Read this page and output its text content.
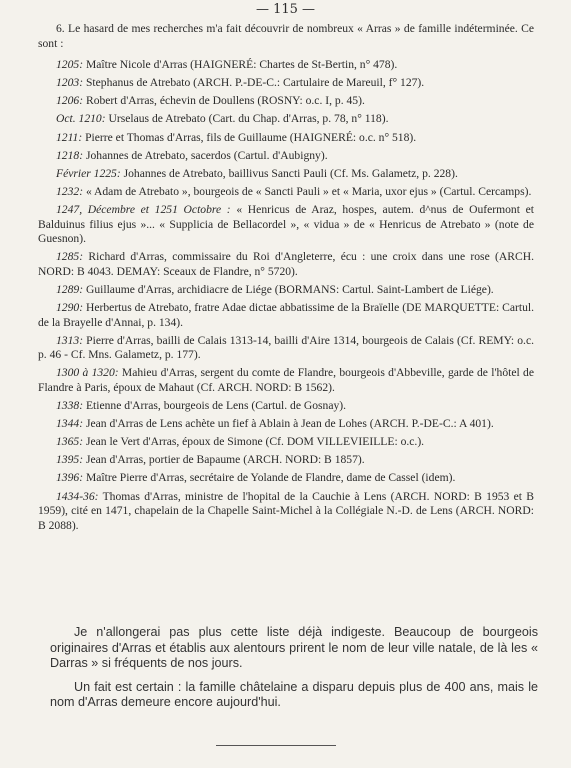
— 115 —

6. Le hasard de mes recherches m'a fait découvrir de nombreux « Arras » de famille indéterminée. Ce sont :

1205: Maître Nicole d'Arras (HAIGNERÉ: Chartes de St-Bertin, n° 478).

1203: Stephanus de Atrebato (ARCH. P.-DE-C.: Cartulaire de Mareuil, f° 127).

1206: Robert d'Arras, échevin de Doullens (ROSNY: o.c. I, p. 45).

Oct. 1210: Urselaus de Atrebato (Cart. du Chap. d'Arras, p. 78, n° 118).

1211: Pierre et Thomas d'Arras, fils de Guillaume (HAIGNERÉ: o.c. n° 518).

1218: Johannes de Atrebato, sacerdos (Cartul. d'Aubigny).

Février 1225: Johannes de Atrebato, baillivus Sancti Pauli (Cf. Ms. Galametz, p. 228).

1232: « Adam de Atrebato », bourgeois de « Sancti Pauli » et « Maria, uxor ejus » (Cartul. Cercamps).

1247, Décembre et 1251 Octobre : « Henricus de Araz, hospes, autem. d^nus de Oufermont et Balduinus filius ejus »... « Supplicia de Bellacordel », « vidua » de « Henricus de Atrebato » (note de Guesnon).

1285: Richard d'Arras, commissaire du Roi d'Angleterre, écu : une croix dans une rose (ARCH. NORD: B 4043. DEMAY: Sceaux de Flandre, n° 5720).

1289: Guillaume d'Arras, archidiacre de Liége (BORMANS: Cartul. Saint-Lambert de Liége).

1290: Herbertus de Atrebato, fratre Adae dictae abbatissime de la Braïelle (DE MARQUETTE: Cartul. de la Brayelle d'Annai, p. 134).

1313: Pierre d'Arras, bailli de Calais 1313-14, bailli d'Aire 1314, bourgeois de Calais (Cf. REMY: o.c. p. 46 - Cf. Mns. Galametz, p. 177).

1300 à 1320: Mahieu d'Arras, sergent du comte de Flandre, bourgeois d'Abbeville, garde de l'hôtel de Flandre à Paris, époux de Mahaut (Cf. ARCH. NORD: B 1562).

1338: Etienne d'Arras, bourgeois de Lens (Cartul. de Gosnay).

1344: Jean d'Arras de Lens achète un fief à Ablain à Jean de Lohes (ARCH. P.-DE-C.: A 401).

1365: Jean le Vert d'Arras, époux de Simone (Cf. DOM VILLEVIEILLE: o.c.).

1395: Jean d'Arras, portier de Bapaume (ARCH. NORD: B 1857).

1396: Maître Pierre d'Arras, secrétaire de Yolande de Flandre, dame de Cassel (idem).

1434-36: Thomas d'Arras, ministre de l'hopital de la Cauchie à Lens (ARCH. NORD: B 1953 et B 1959), cité en 1471, chapelain de la Chapelle Saint-Michel à la Collégiale N.-D. de Lens (ARCH. NORD: B 2088).

Je n'allongerai pas plus cette liste déjà indigeste. Beaucoup de bourgeois originaires d'Arras et établis aux alentours prirent le nom de leur ville natale, de là les « Darras » si fréquents de nos jours.

Un fait est certain : la famille châtelaine a disparu depuis plus de 400 ans, mais le nom d'Arras demeure encore aujourd'hui.
